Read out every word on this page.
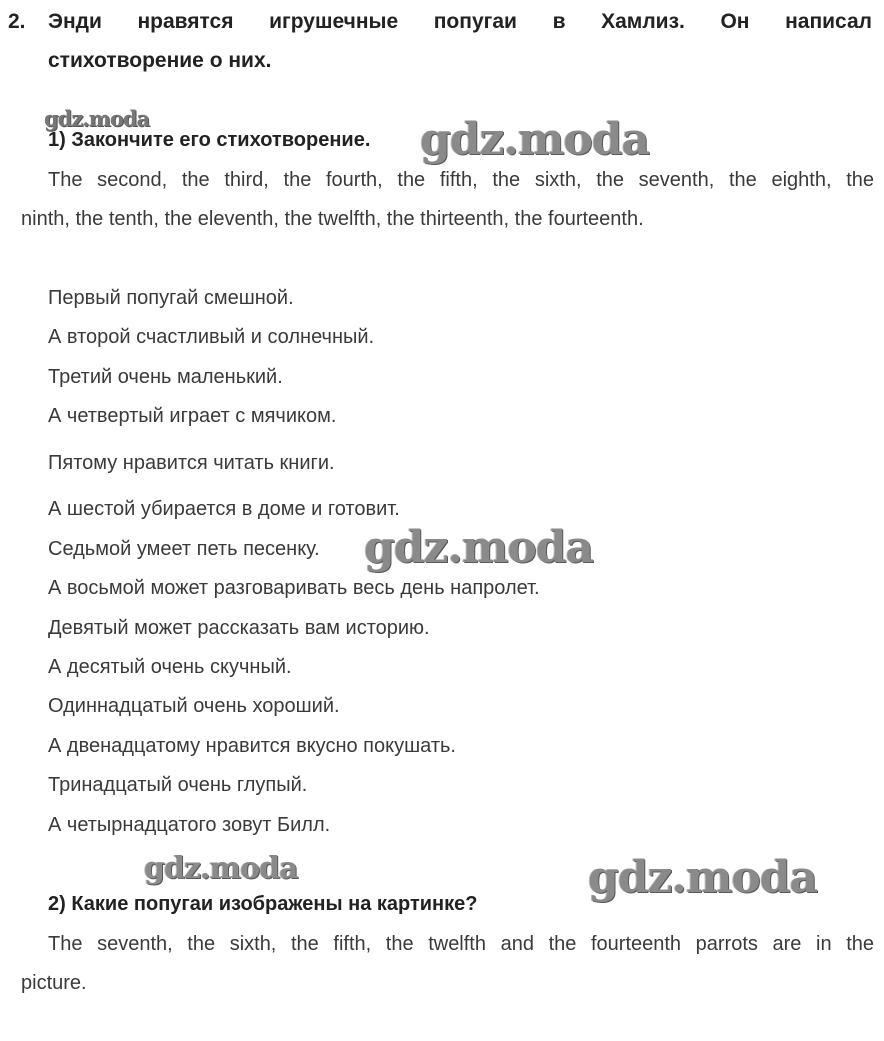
2. Энди нравятся игрушечные попугаи в Хамлиз. Он написал
стихотворение о них.
gdz.moda
1) Закончите его стихотворение. gdz.moda
The second, the third, the fourth, the fifth, the sixth, the seventh, the eighth, the
ninth, the tenth, the eleventh, the twelfth, the thirteenth, the fourteenth.
Первый попугай смешной.
А второй счастливый и солнечный.
Третий очень маленький.
А четвертый играет с мячиком.
Пятому нравится читать книги.
А шестой убирается в доме и готовит.
Седьмой умеет петь песенку. gdz.moda
А восьмой может разговаривать весь день напролет.
Девятый может рассказать вам историю.
А десятый очень скучный.
Одиннадцатый очень хороший.
А двенадцатому нравится вкусно покушать.
Тринадцатый очень глупый.
А четырнадцатого зовут Билл.
gdz.moda	gdz.moda
2) Какие попугаи изображены на картинке?
The seventh, the sixth, the fifth, the twelfth and the fourteenth parrots are in the
picture.
